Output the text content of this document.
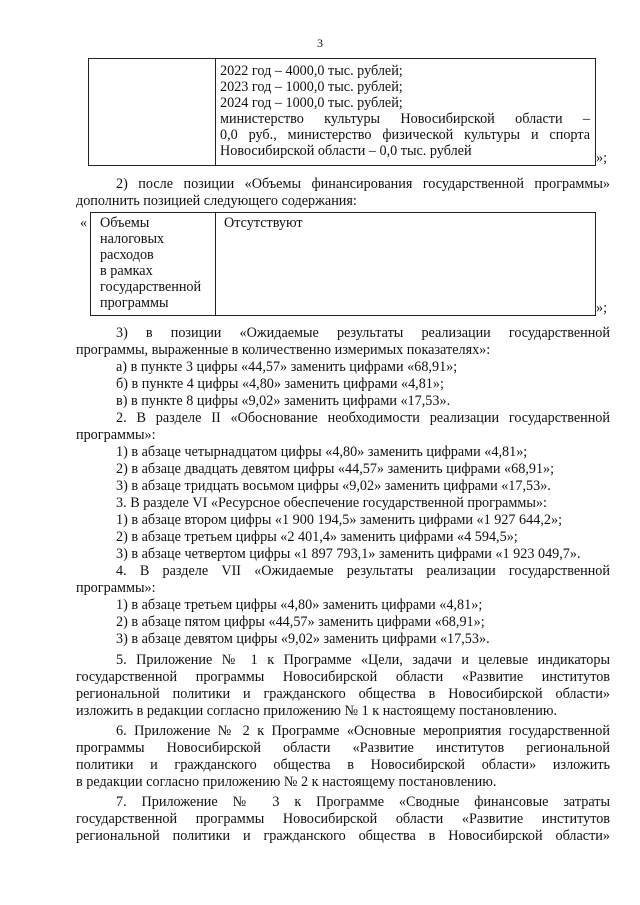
3
2022 год – 4000,0 тыс. рублей;
2023 год – 1000,0 тыс. рублей;
2024 год – 1000,0 тыс. рублей;
министерство культуры Новосибирской области –
0,0 руб., министерство физической культуры и спорта
Новосибирской области – 0,0 тыс. рублей	»;
2) после позиции «Объемы финансирования государственной программы»
дополнить позицией следующего содержания:
« Объемы
налоговых
расходов
в рамках
государственной
программы
Отсутствуют
»;
3) в позиции «Ожидаемые результаты реализации государственной
программы, выраженные в количественно измеримых показателях»:
а) в пункте 3 цифры «44,57» заменить цифрами «68,91»;
б) в пункте 4 цифры «4,80» заменить цифрами «4,81»;
в) в пункте 8 цифры «9,02» заменить цифрами «17,53».
2. В разделе II «Обоснование необходимости реализации государственной
программы»:
1) в абзаце четырнадцатом цифры «4,80» заменить цифрами «4,81»;
2) в абзаце двадцать девятом цифры «44,57» заменить цифрами «68,91»;
3) в абзаце тридцать восьмом цифры «9,02» заменить цифрами «17,53».
3. В разделе VI «Ресурсное обеспечение государственной программы»:
1) в абзаце втором цифры «1 900 194,5» заменить цифрами «1 927 644,2»;
2) в абзаце третьем цифры «2 401,4» заменить цифрами «4 594,5»;
3) в абзаце четвертом цифры «1 897 793,1» заменить цифрами «1 923 049,7».
4. В разделе VII «Ожидаемые результаты реализации государственной
программы»:
1) в абзаце третьем цифры «4,80» заменить цифрами «4,81»;
2) в абзаце пятом цифры «44,57» заменить цифрами «68,91»;
3) в абзаце девятом цифры «9,02» заменить цифрами «17,53».
5. Приложение № 1 к Программе «Цели, задачи и целевые индикаторы
государственной программы Новосибирской области «Развитие институтов
региональной политики и гражданского общества в Новосибирской области»
изложить в редакции согласно приложению № 1 к настоящему постановлению.
6. Приложение № 2 к Программе «Основные мероприятия государственной
программы Новосибирской области «Развитие институтов региональной
политики и гражданского общества в Новосибирской области» изложить
в редакции согласно приложению № 2 к настоящему постановлению.
7. Приложение № 3 к Программе «Сводные финансовые затраты
государственной программы Новосибирской области «Развитие институтов
региональной политики и гражданского общества в Новосибирской области»
